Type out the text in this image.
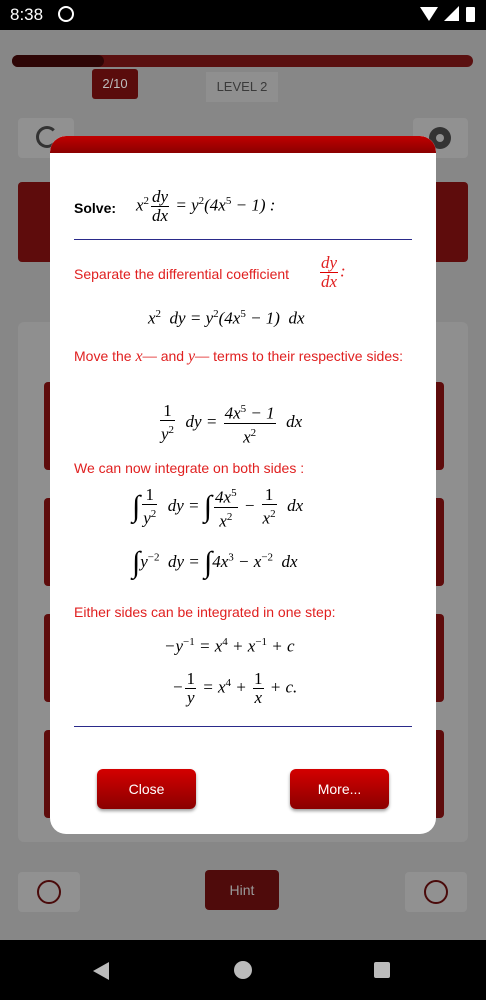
8:38
2/10	LEVEL 2
Hint
Solve: $x^2 \frac{dy}{dx} = y^2(4x^5 - 1)$ :
Separate the differential coefficient	$\frac{dy}{dx}$ :
$x^2$  dy = $y^2(4x^5 - 1)$  dx
Move the x— and y— terms to their respective sides:
$\frac{1}{y^2}$ dy = $\frac{4x^5 - 1}{x^2}$ dx
We can now integrate on both sides :
∫ $\frac{1}{y^2}$ dy = ∫ $\frac{4x^5}{x^2} - \frac{1}{x^2}$ dx
$\int y^{-2}$  dy = $\int 4x^3 - x^{-2}$  dx
Either sides can be integrated in one step:
$-y^{-1} = x^4 + x^{-1} + c$
− $\frac{1}{y} = x^4 + \frac{1}{x} + c$.
Close	More...
